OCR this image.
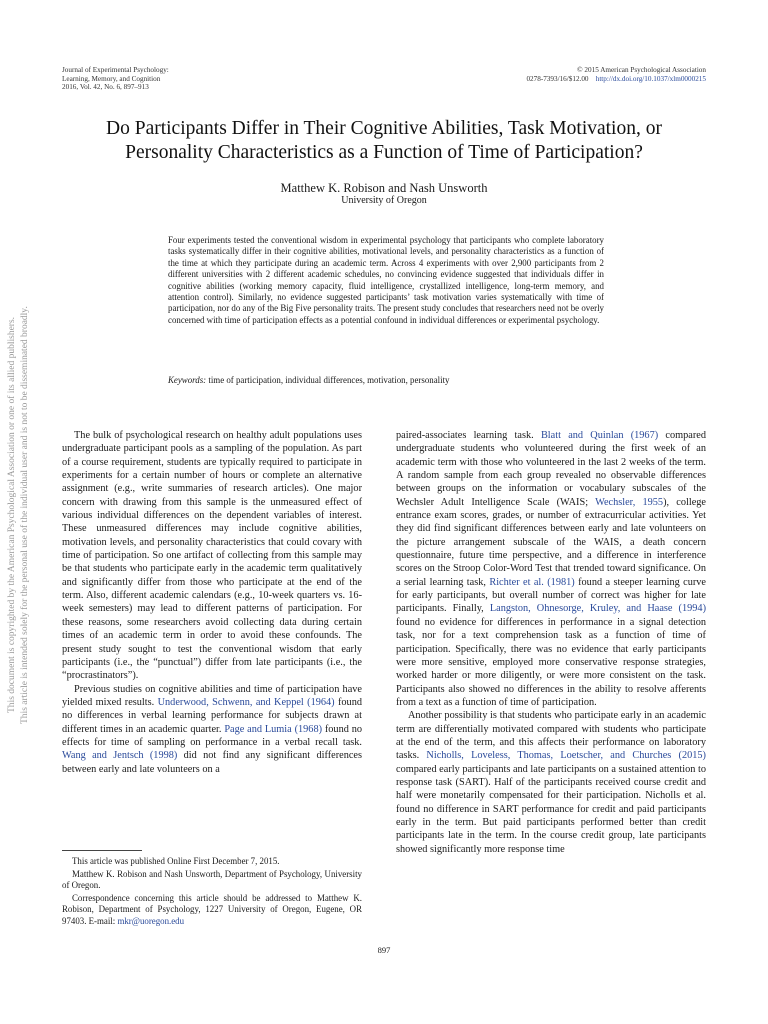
This document is copyrighted by the American Psychological Association or one of its allied publishers. This article is intended solely for the personal use of the individual user and is not to be disseminated broadly.
Journal of Experimental Psychology:
Learning, Memory, and Cognition
2016, Vol. 42, No. 6, 897–913
© 2015 American Psychological Association
0278-7393/16/$12.00 http://dx.doi.org/10.1037/xlm0000215
Do Participants Differ in Their Cognitive Abilities, Task Motivation, or Personality Characteristics as a Function of Time of Participation?
Matthew K. Robison and Nash Unsworth
University of Oregon
Four experiments tested the conventional wisdom in experimental psychology that participants who complete laboratory tasks systematically differ in their cognitive abilities, motivational levels, and personality characteristics as a function of the time at which they participate during an academic term. Across 4 experiments with over 2,900 participants from 2 different universities with 2 different academic schedules, no convincing evidence suggested that individuals differ in cognitive abilities (working memory capacity, fluid intelligence, crystallized intelligence, long-term memory, and attention control). Similarly, no evidence suggested participants’ task motivation varies systematically with time of participation, nor do any of the Big Five personality traits. The present study concludes that researchers need not be overly concerned with time of participation effects as a potential confound in individual differences or experimental psychology.
Keywords: time of participation, individual differences, motivation, personality

The bulk of psychological research on healthy adult populations uses undergraduate participant pools as a sampling of the population. As part of a course requirement, students are typically required to participate in experiments for a certain number of hours or complete an alternative assignment (e.g., write summaries of research articles). One major concern with drawing from this sample is the unmeasured effect of various individual differences on the dependent variables of interest. These unmeasured differences may include cognitive abilities, motivation levels, and personality characteristics that could covary with time of participation. So one artifact of collecting from this sample may be that students who participate early in the academic term qualitatively and significantly differ from those who participate at the end of the term. Also, different academic calendars (e.g., 10-week quarters vs. 16-week semesters) may lead to different patterns of participation. For these reasons, some researchers avoid collecting data during certain times of an academic term in order to avoid these confounds. The present study sought to test the conventional wisdom that early participants (i.e., the “punctual”) differ from late participants (i.e., the “procrastinators”).

Previous studies on cognitive abilities and time of participation have yielded mixed results. Underwood, Schwenn, and Keppel (1964) found no differences in verbal learning performance for subjects drawn at different times in an academic quarter. Page and Lumia (1968) found no effects for time of sampling on performance in a verbal recall task. Wang and Jentsch (1998) did not find any significant differences between early and late volunteers on a

paired-associates learning task. Blatt and Quinlan (1967) compared undergraduate students who volunteered during the first week of an academic term with those who volunteered in the last 2 weeks of the term. A random sample from each group revealed no observable differences between groups on the information or vocabulary subscales of the Wechsler Adult Intelligence Scale (WAIS; Wechsler, 1955), college entrance exam scores, grades, or number of extracurricular activities. Yet they did find significant differences between early and late volunteers on the picture arrangement subscale of the WAIS, a death concern questionnaire, future time perspective, and a difference in interference scores on the Stroop Color-Word Test that trended toward significance. On a serial learning task, Richter et al. (1981) found a steeper learning curve for early participants, but overall number of correct was higher for late participants. Finally, Langston, Ohnesorge, Kruley, and Haase (1994) found no evidence for differences in performance in a signal detection task, nor for a text comprehension task as a function of time of participation. Specifically, there was no evidence that early participants were more sensitive, employed more conservative response strategies, worked harder or more diligently, or were more consistent on the task. Participants also showed no differences in the ability to resolve afferents from a text as a function of time of participation.

Another possibility is that students who participate early in an academic term are differentially motivated compared with students who participate at the end of the term, and this affects their performance on laboratory tasks. Nicholls, Loveless, Thomas, Loetscher, and Churches (2015) compared early participants and late participants on a sustained attention to response task (SART). Half of the participants received course credit and half were monetarily compensated for their participation. Nicholls et al. found no difference in SART performance for credit and paid participants early in the term. But paid participants performed better than credit participants late in the term. In the course credit group, late participants showed significantly more response time

This article was published Online First December 7, 2015.

Matthew K. Robison and Nash Unsworth, Department of Psychology, University of Oregon.

Correspondence concerning this article should be addressed to Matthew K. Robison, Department of Psychology, 1227 University of Oregon, Eugene, OR 97403. E-mail: mkr@uoregon.edu

897
